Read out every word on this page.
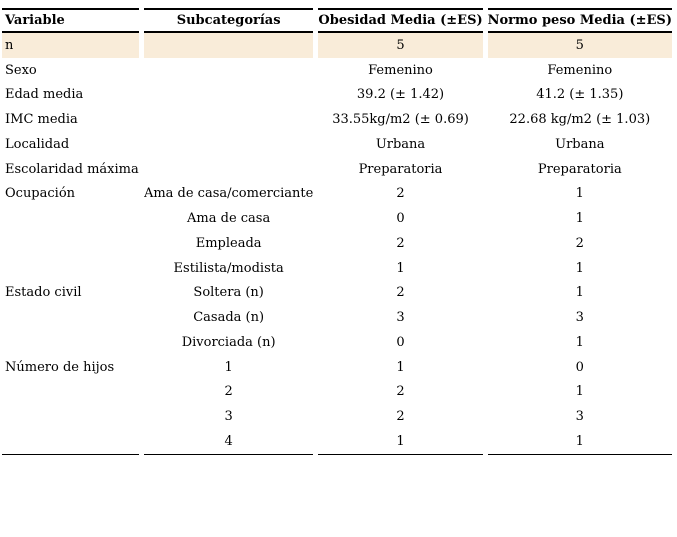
Variable	Subcategorías	Obesidad Media (±ES)	Normo peso Media (±ES)
n		5	5
Sexo		Femenino	Femenino
Edad media		39.2 (± 1.42)	41.2 (± 1.35)
IMC media		33.55kg/m2 (± 0.69)	22.68 kg/m2 (± 1.03)
Localidad		Urbana	Urbana
Escolaridad máxima		Preparatoria	Preparatoria
Ocupación	Ama de casa/comerciante	2	1
	Ama de casa	0	1
	Empleada	2	2
	Estilista/modista	1	1
Estado civil	Soltera (n)	2	1
	Casada (n)	3	3
	Divorciada (n)	0	1
Número de hijos	1	1	0
	2	2	1
	3	2	3
	4	1	1
